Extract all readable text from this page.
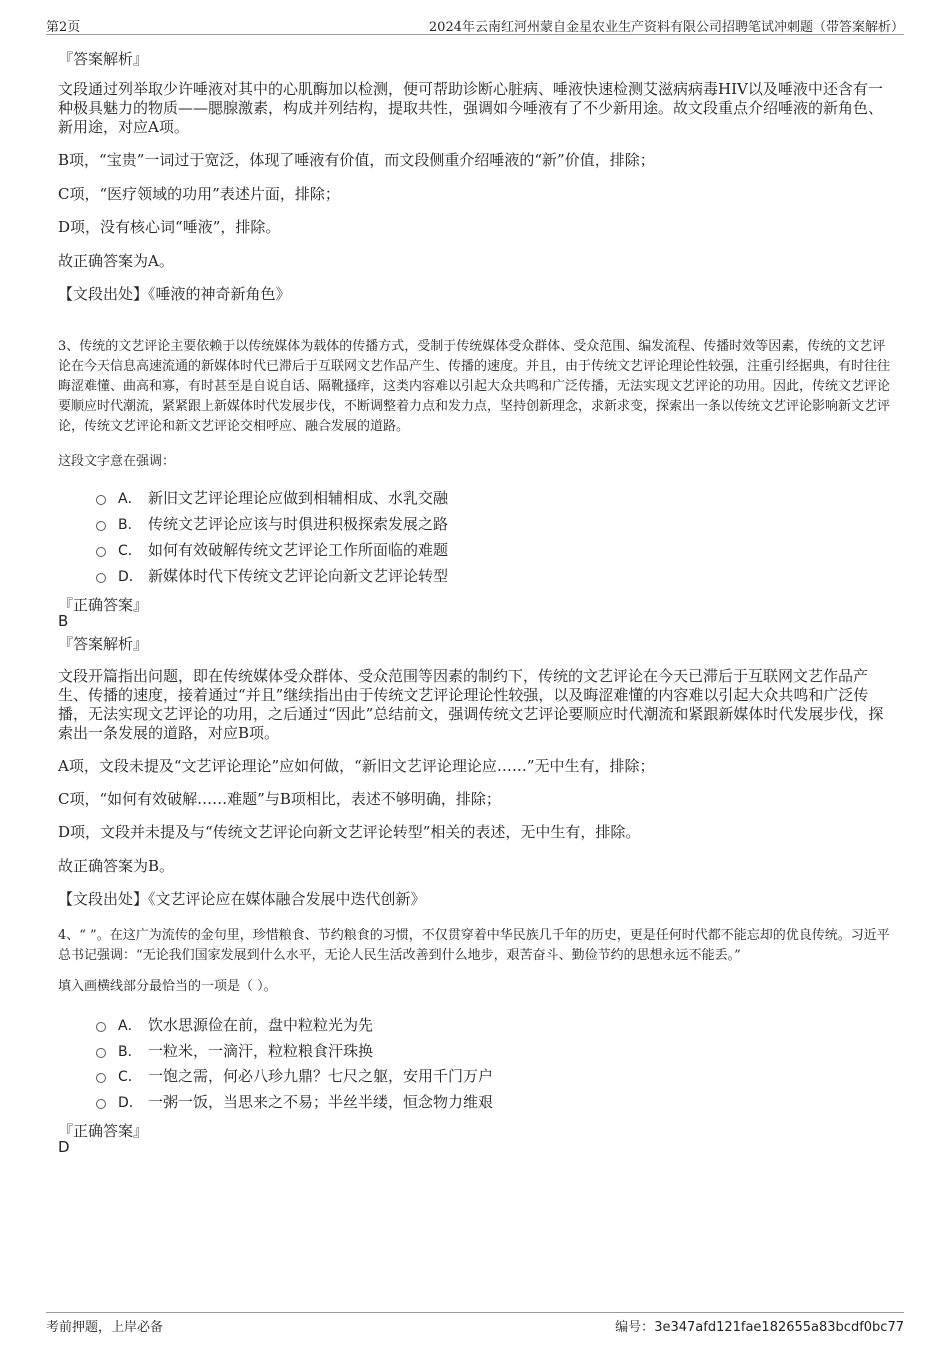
第2页	2024年云南红河州蒙自金星农业生产资料有限公司招聘笔试冲刺题（带答案解析）
『答案解析』
文段通过列举取少许唾液对其中的心肌酶加以检测，便可帮助诊断心脏病、唾液快速检测艾滋病病毒HIV以及唾液中还含有一种极具魅力的物质——腮腺激素，构成并列结构，提取共性，强调如今唾液有了不少新用途。故文段重点介绍唾液的新角色、新用途，对应A项。
B项，“宝贵”一词过于宽泛，体现了唾液有价值，而文段侧重介绍唾液的“新”价值，排除；
C项，“医疗领域的功用”表述片面，排除；
D项，没有核心词“唾液”，排除。
故正确答案为A。
【文段出处】《唾液的神奇新角色》
3、传统的文艺评论主要依赖于以传统媒体为载体的传播方式，受制于传统媒体受众群体、受众范围、编发流程、传播时效等因素，传统的文艺评论在今天信息高速流通的新媒体时代已滞后于互联网文艺作品产生、传播的速度。并且，由于传统文艺评论理论性较强，注重引经据典，有时往往晦涩难懂、曲高和寡，有时甚至是自说自话、隔靴搔痒，这类内容难以引起大众共鸣和广泛传播，无法实现文艺评论的功用。因此，传统文艺评论要顺应时代潮流，紧紧跟上新媒体时代发展步伐，不断调整着力点和发力点，坚持创新理念，求新求变，探索出一条以传统文艺评论影响新文艺评论，传统文艺评论和新文艺评论交相呼应、融合发展的道路。
这段文字意在强调：
A． 新旧文艺评论理论应做到相辅相成、水乳交融
B． 传统文艺评论应该与时俱进积极探索发展之路
C． 如何有效破解传统文艺评论工作所面临的难题
D． 新媒体时代下传统文艺评论向新文艺评论转型
『正确答案』
B
『答案解析』
文段开篇指出问题，即在传统媒体受众群体、受众范围等因素的制约下，传统的文艺评论在今天已滞后于互联网文艺作品产生、传播的速度，接着通过“并且”继续指出由于传统文艺评论理论性较强，以及晦涩难懂的内容难以引起大众共鸣和广泛传播，无法实现文艺评论的功用，之后通过“因此”总结前文，强调传统文艺评论要顺应时代潮流和紧跟新媒体时代发展步伐，探索出一条发展的道路，对应B项。
A项，文段未提及“文艺评论理论”应如何做，“新旧文艺评论理论应……”无中生有，排除；
C项，“如何有效破解……难题”与B项相比，表述不够明确，排除；
D项，文段并未提及与“传统文艺评论向新文艺评论转型”相关的表述，无中生有，排除。
故正确答案为B。
【文段出处】《文艺评论应在媒体融合发展中迭代创新》
4、“ ”。在这广为流传的金句里，珍惜粮食、节约粮食的习惯，不仅贯穿着中华民族几千年的历史，更是任何时代都不能忘却的优良传统。习近平总书记强调：“无论我们国家发展到什么水平，无论人民生活改善到什么地步，艰苦奋斗、勤俭节约的思想永远不能丢。”
填入画横线部分最恰当的一项是（ ）。
A． 饮水思源俭在前，盘中粒粒光为先
B． 一粒米，一滴汗，粒粒粮食汗珠换
C． 一饱之需，何必八珍九鼎？七尺之躯，安用千门万户
D． 一粥一饭，当思来之不易；半丝半缕，恒念物力维艰
『正确答案』
D
考前押题，上岸必备	编号：3e347afd121fae182655a83bcdf0bc77
